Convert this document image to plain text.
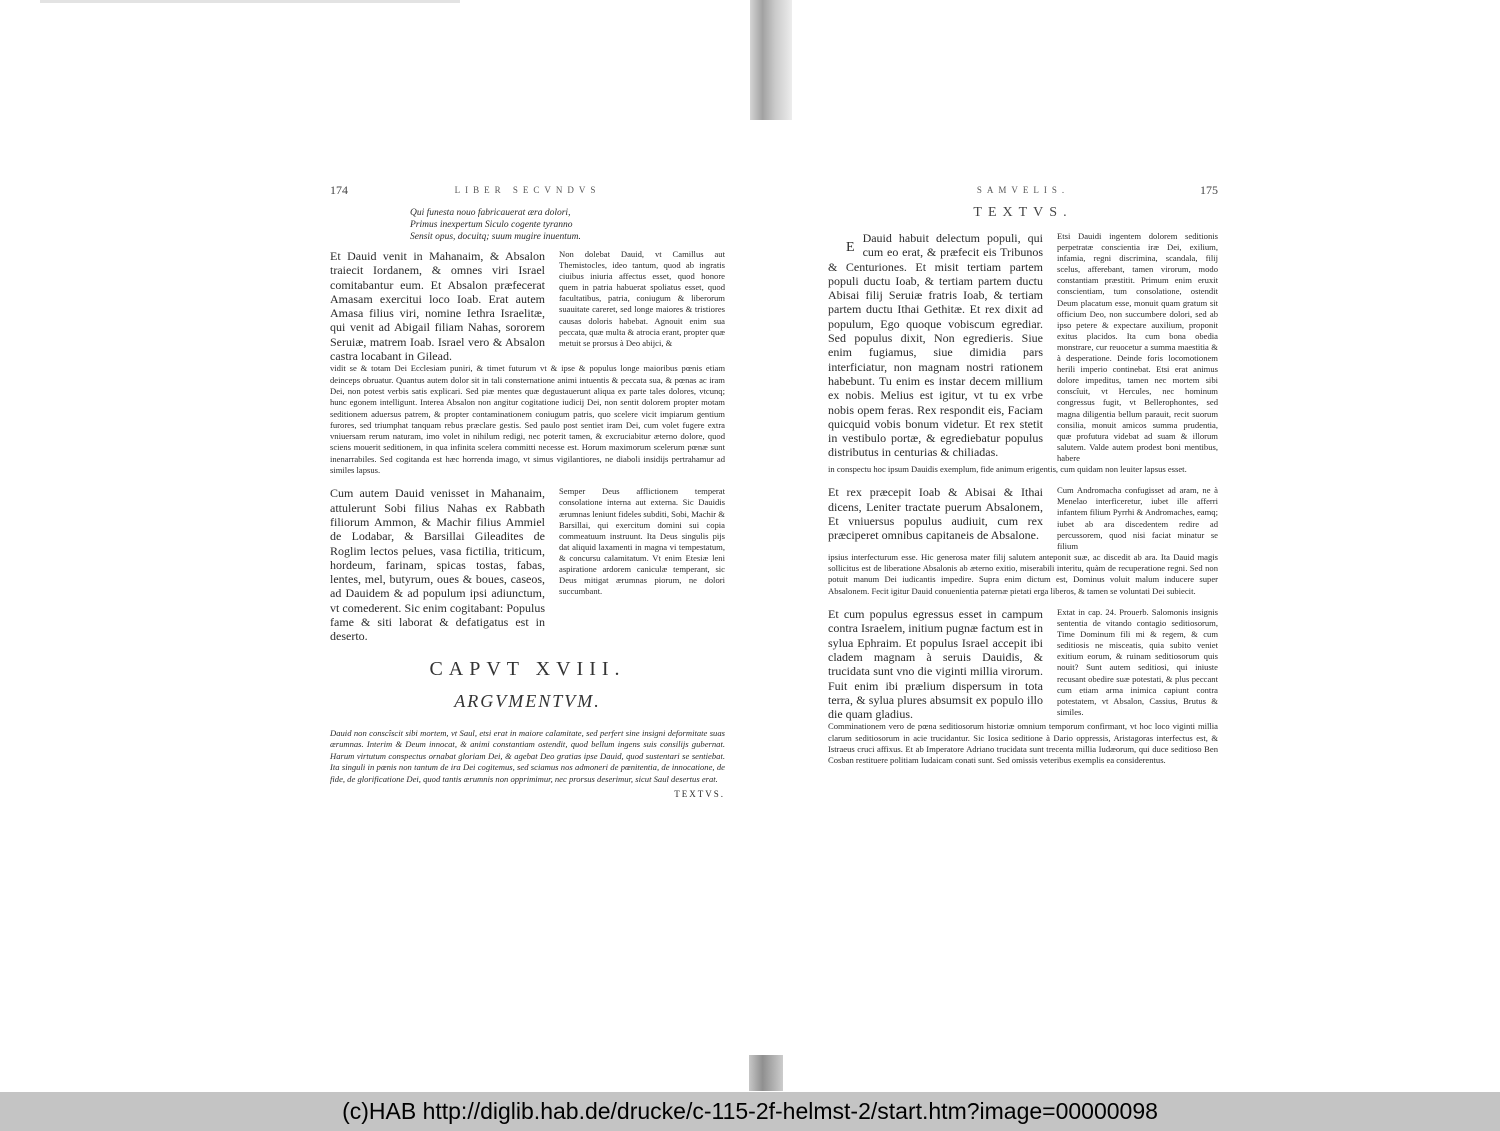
174	LIBER SECVNDVS
Qui funesta nouo fabricauerat æra dolori,
Primus inexpertum Siculo cogente tyranno
Sensit opus, docuitq; suum mugire inuentum.
Et Dauid venit in Mahanaim, & Absalon traiecit Iordanem, & omnes viri Israel comitabantur eum. Et Absalon præfecerat Amasam exercitui loco Ioab. Erat autem Amasa filius viri, nomine Iethra Israelitæ, qui venit ad Abigail filiam Nahas, sororem Seruiæ, matrem Ioab. Israel vero & Absalon castra locabant in Gilead.
Non dolebat Dauid, vt Camillus aut Themistocles, ideo tantum, quod ab ingratis ciuibus iniuria affectus esset, quod honore quem in patria habuerat spoliatus esset, quod facultatibus, patria, coniugum & liberorum suauitate careret, sed longe maiores & tristiores causas doloris habebat. Agnouit enim sua peccata, quæ multa & atrocia erant, propter quæ metuit se prorsus à Deo abijci, &
vidit se & totam Dei Ecclesiam puniri, & timet futurum vt & ipse & populus longe maioribus pœnis etiam deinceps obruatur. Quantus autem dolor sit in tali consternatione animi intuentis & peccata sua, & pœnas ac iram Dei, non potest verbis satis explicari. Sed piæ mentes quæ degustauerunt aliqua ex parte tales dolores, vtcunq; hunc egonem intelligunt. Interea Absalon non angitur cogitatione iudicij Dei, non sentit dolorem propter motam seditionem aduersus patrem, & propter contaminationem coniugum patris, quo scelere vicit impiarum gentium furores, sed triumphat tanquam rebus præclare gestis. Sed paulo post sentiet iram Dei, cum volet fugere extra vniuersam rerum naturam, imo volet in nihilum redigi, nec poterit tamen, & excruciabitur æterno dolore, quod sciens mouerit seditionem, in qua infinita scelera committi necesse est. Horum maximorum scelerum pœnæ sunt inenarrabiles. Sed cogitanda est hæc horrenda imago, vt simus vigilantiores, ne diaboli insidijs pertrahamur ad similes lapsus.
Cum autem Dauid venisset in Mahanaim, attulerunt Sobi filius Nahas ex Rabbath filiorum Ammon, & Machir filius Ammiel de Lodabar, & Barsillai Gileadites de Roglim lectos pelues, vasa fictilia, triticum, hordeum, farinam, spicas tostas, fabas, lentes, mel, butyrum, oues & boues, caseos, ad Dauidem & ad populum ipsi adiunctum, vt comederent. Sic enim cogitabant: Populus fame & siti laborat & defatigatus est in deserto.
Semper Deus afflictionem temperat consolatione interna aut externa. Sic Dauidis ærumnas leniunt fideles subditi, Sobi, Machir & Barsillai, qui exercitum domini sui copia commeatuum instruunt. Ita Deus singulis pijs dat aliquid laxamenti in magna vi tempestatum, & concursu calamitatum. Vt enim Etesiæ leni aspiratione ardorem caniculæ temperant, sic Deus mitigat ærumnas piorum, ne dolori succumbant.
CAPVT XVIII.
ARGVMENTVM.
Dauid non conscîscit sibi mortem, vt Saul, etsi erat in maiore calamitate, sed perfert sine insigni deformitate suas ærumnas. Interim & Deum innocat, & animi constantiam ostendit, quod bellum ingens suis consilijs gubernat. Harum virtutum conspectus ornabat gloriam Dei, & agebat Deo gratias ipse Dauid, quod sustentari se sentiebat. Ita singuli in pœnis non tantum de ira Dei cogitemus, sed sciamus nos admoneri de pœnitentia, de innocatione, de fide, de glorificatione Dei, quod tantis ærumnis non opprimimur, nec prorsus deserimur, sicut Saul desertus erat.
TEXTVS.
SAMVELIS.	175
TEXTVS.
E
Dauid habuit delectum populi, qui cum eo erat, & præfecit eis Tribunos & Centuriones. Et misit tertiam partem populi ductu Ioab, & tertiam partem ductu Abisai filij Seruiæ fratris Ioab, & tertiam partem ductu Ithai Gethitæ. Et rex dixit ad populum, Ego quoque vobiscum egrediar. Sed populus dixit, Non egredieris. Siue enim fugiamus, siue dimidia pars interficiatur, non magnam nostri rationem habebunt. Tu enim es instar decem millium ex nobis. Melius est igitur, vt tu ex vrbe nobis opem feras. Rex respondit eis, Faciam quicquid vobis bonum videtur. Et rex stetit in vestibulo portæ, & egrediebatur populus distributus in centurias & chiliadas.
Etsi Dauidi ingentem dolorem seditionis perpetratæ conscientia iræ Dei, exilium, infamia, regni discrimina, scandala, filij scelus, afferebant, tamen virorum, modo constantiam præstitit. Primum enim eruxit conscientiam, tum consolatione, ostendit Deum placatum esse, monuit quam gratum sit officium Deo, non succumbere dolori, sed ab ipso petere & expectare auxilium, proponit exitus placidos. Ita cum bona obedia monstrare, cur reuocetur a summa maestitia & à desperatione. Deinde foris locomotionem herili imperio continebat. Etsi erat animus dolore impeditus, tamen nec mortem sibi conscîuit, vt Hercules, nec hominum congressus fugit, vt Bellerophontes, sed magna diligentia bellum parauit, recit suorum consilia, monuit amicos summa prudentia, quæ profutura videbat ad suam & illorum salutem. Valde autem prodest boni mentibus, habere
in conspectu hoc ipsum Dauidis exemplum, fide animum erigentis, cum quidam non leuiter lapsus esset.
Et rex præcepit Ioab & Abisai & Ithai dicens, Leniter tractate puerum Absalonem, Et vniuersus populus audiuit, cum rex præciperet omnibus capitaneis de Absalone.
Cum Andromacha confugisset ad aram, ne à Menelao interficeretur, iubet ille afferri infantem filium Pyrrhi & Andromaches, eamq; iubet ab ara discedentem redire ad percussorem, quod nisi faciat minatur se filium
ipsius interfecturum esse. Hic generosa mater filij salutem anteponit suæ, ac discedit ab ara. Ita Dauid magis sollicitus est de liberatione Absalonis ab æterno exitio, miserabili interitu, quàm de recuperatione regni. Sed non potuit manum Dei iudicantis impedire. Supra enim dictum est, Dominus voluit malum inducere super Absalonem. Fecit igitur Dauid conuenientia paternæ pietati erga liberos, & tamen se voluntati Dei subiecit.
Et cum populus egressus esset in campum contra Israelem, initium pugnæ factum est in sylua Ephraim. Et populus Israel accepit ibi cladem magnam à seruis Dauidis, & trucidata sunt vno die viginti millia virorum. Fuit enim ibi prælium dispersum in tota terra, & sylua plures absumsit ex populo illo die quam gladius.
Extat in cap. 24. Prouerb. Salomonis insignis sententia de vitando contagio seditiosorum, Time Dominum fili mi & regem, & cum seditiosis ne misceatis, quia subito veniet exitium eorum, & ruinam seditiosorum quis nouit? Sunt autem seditiosi, qui iniuste recusant obedire suæ potestati, & plus peccant cum etiam arma inimica capiunt contra potestatem, vt Absalon, Cassius, Brutus & similes.
Comminationem vero de pœna seditiosorum historiæ omnium temporum confirmant, vt hoc loco viginti millia clarum seditiosorum in acie trucidantur. Sic Iosica seditione à Dario oppressis, Aristagoras interfectus est, & Istraeus cruci affixus. Et ab Imperatore Adriano trucidata sunt trecenta millia Iudæorum, qui duce seditioso Ben Cosban restituere politiam Iudaicam conati sunt. Sed omissis veteribus exemplis ea considerentus.
(c)HAB http://diglib.hab.de/drucke/c-115-2f-helmst-2/start.htm?image=00000098
